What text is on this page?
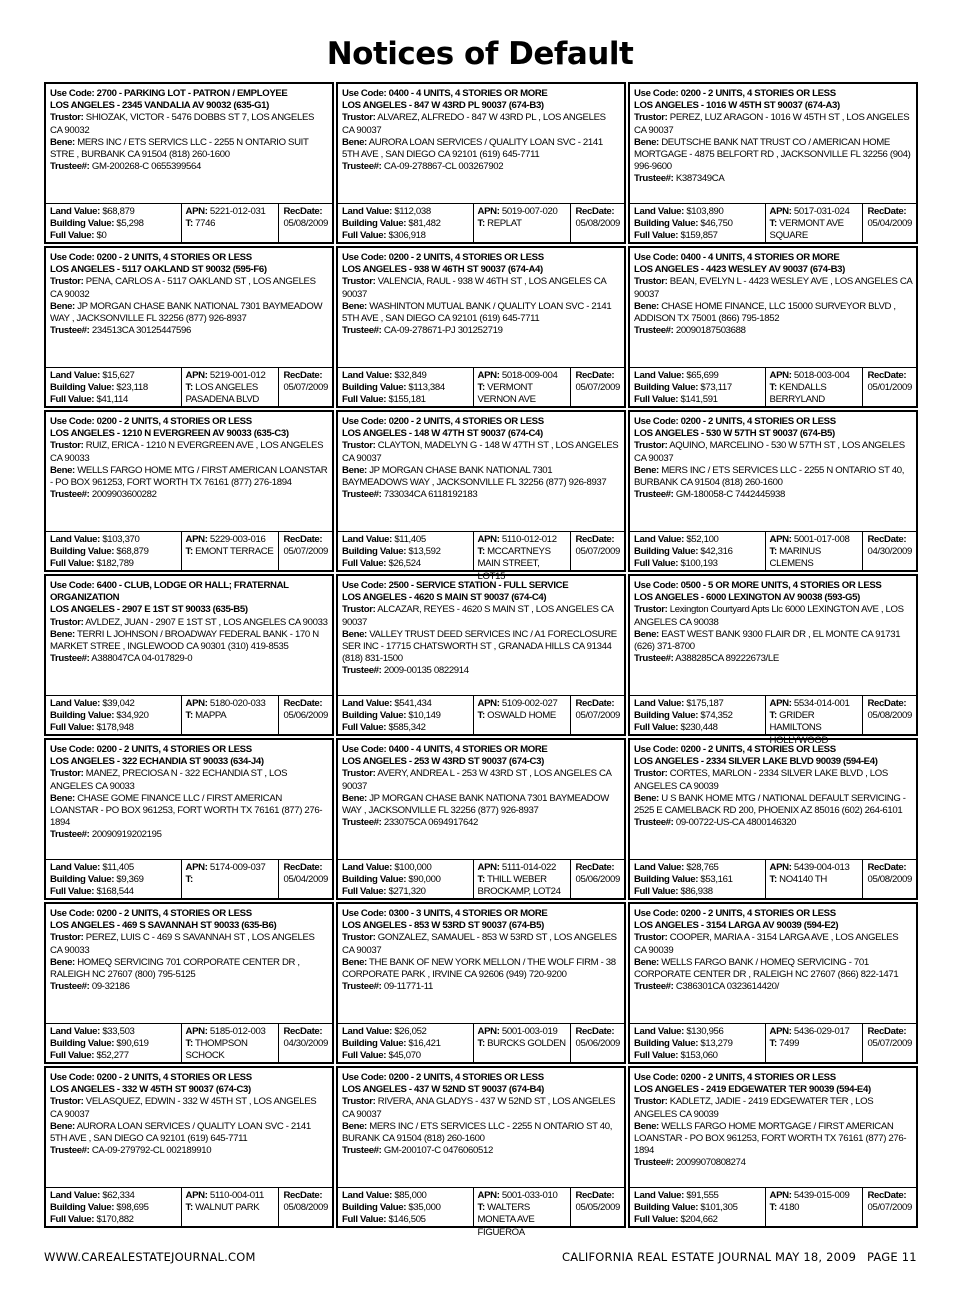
Notices of Default
Use Code: 2700 - PARKING LOT - PATRON / EMPLOYEE
LOS ANGELES - 2345 VANDALIA AV 90032 (635-G1)
Trustor: SHIOZAK, VICTOR - 5476 DOBBS ST 7, LOS ANGELES CA 90032
Bene: MERS INC / ETS SERVICS LLC - 2255 N ONTARIO SUIT STRE , BURBANK CA 91504 (818) 260-1600
Trustee#: GM-200268-C 0655399564
Land Value: $68,879
Building Value: $5,298
Full Value: $0
APN: 5221-012-031
T: 7746
RecDate:
05/08/2009
Use Code: 0400 - 4 UNITS, 4 STORIES OR MORE
LOS ANGELES - 847 W 43RD PL 90037 (674-B3)
Trustor: ALVAREZ, ALFREDO - 847 W 43RD PL , LOS ANGELES CA 90037
Bene: AURORA LOAN SERVICES / QUALITY LOAN SVC - 2141 5TH AVE , SAN DIEGO CA 92101 (619) 645-7711
Trustee#: CA-09-278867-CL 003267902
Land Value: $112,038
Building Value: $81,482
Full Value: $306,918
APN: 5019-007-020
T: REPLAT
RecDate:
05/08/2009
Use Code: 0200 - 2 UNITS, 4 STORIES OR LESS
LOS ANGELES - 1016 W 45TH ST 90037 (674-A3)
Trustor: PEREZ, LUZ ARAGON - 1016 W 45TH ST , LOS ANGELES CA 90037
Bene: DEUTSCHE BANK NAT TRUST CO / AMERICAN HOME MORTGAGE - 4875 BELFORT RD , JACKSONVILLE FL 32256 (904) 996-9600
Trustee#: K387349CA
Land Value: $103,890
Building Value: $46,750
Full Value: $159,857
APN: 5017-031-024
T: VERMONT AVE SQUARE
RecDate:
05/04/2009
Use Code: 0200 - 2 UNITS, 4 STORIES OR LESS
LOS ANGELES - 5117 OAKLAND ST 90032 (595-F6)
Trustor: PENA, CARLOS A - 5117 OAKLAND ST , LOS ANGELES CA 90032
Bene: JP MORGAN CHASE BANK NATIONAL 7301 BAYMEADOW WAY , JACKSONVILLE FL 32256 (877) 926-8937
Trustee#: 234513CA 30125447596
Land Value: $15,627
Building Value: $23,118
Full Value: $41,114
APN: 5219-001-012
T: LOS ANGELES PASADENA BLVD
RecDate:
05/07/2009
Use Code: 0200 - 2 UNITS, 4 STORIES OR LESS
LOS ANGELES - 938 W 46TH ST 90037 (674-A4)
Trustor: VALENCIA, RAUL - 938 W 46TH ST , LOS ANGELES CA 90037
Bene: WASHINTON MUTUAL BANK / QUALITY LOAN SVC - 2141 5TH AVE , SAN DIEGO CA 92101 (619) 645-7711
Trustee#: CA-09-278671-PJ 301252719
Land Value: $32,849
Building Value: $113,384
Full Value: $155,181
APN: 5018-009-004
T: VERMONT VERNON AVE
RecDate:
05/07/2009
Use Code: 0400 - 4 UNITS, 4 STORIES OR MORE
LOS ANGELES - 4423 WESLEY AV 90037 (674-B3)
Trustor: BEAN, EVELYN L - 4423 WESLEY AVE , LOS ANGELES CA 90037
Bene: CHASE HOME FINANCE, LLC 15000 SURVEYOR BLVD , ADDISON TX 75001 (866) 795-1852
Trustee#: 20090187503688
Land Value: $65,699
Building Value: $73,117
Full Value: $141,591
APN: 5018-003-004
T: KENDALLS BERRYLAND
RecDate:
05/01/2009
Use Code: 0200 - 2 UNITS, 4 STORIES OR LESS
LOS ANGELES - 1210 N EVERGREEN AV 90033 (635-C3)
Trustor: RUIZ, ERICA - 1210 N EVERGREEN AVE , LOS ANGELES CA 90033
Bene: WELLS FARGO HOME MTG / FIRST AMERICAN LOANSTAR - PO BOX 961253, FORT WORTH TX 76161 (877) 276-1894
Trustee#: 2009903600282
Land Value: $103,370
Building Value: $68,879
Full Value: $182,789
APN: 5229-003-016
T: EMONT TERRACE
RecDate:
05/07/2009
Use Code: 0200 - 2 UNITS, 4 STORIES OR LESS
LOS ANGELES - 148 W 47TH ST 90037 (674-C4)
Trustor: CLAYTON, MADELYN G - 148 W 47TH ST , LOS ANGELES CA 90037
Bene: JP MORGAN CHASE BANK NATIONAL 7301 BAYMEADOWS WAY , JACKSONVILLE FL 32256 (877) 926-8937
Trustee#: 733034CA 6118192183
Land Value: $11,405
Building Value: $13,592
Full Value: $26,524
APN: 5110-012-012
T: MCCARTNEYS MAIN STREET, LOT15
RecDate:
05/07/2009
Use Code: 0200 - 2 UNITS, 4 STORIES OR LESS
LOS ANGELES - 530 W 57TH ST 90037 (674-B5)
Trustor: AQUINO, MARCELINO - 530 W 57TH ST , LOS ANGELES CA 90037
Bene: MERS INC / ETS SERVICES LLC - 2255 N ONTARIO ST 40, BURBANK CA 91504 (818) 260-1600
Trustee#: GM-180058-C 7442445938
Land Value: $52,100
Building Value: $42,316
Full Value: $100,193
APN: 5001-017-008
T: MARINUS CLEMENS
RecDate:
04/30/2009
Use Code: 6400 - CLUB, LODGE OR HALL; FRATERNAL ORGANIZATION
LOS ANGELES - 2907 E 1ST ST 90033 (635-B5)
Trustor: AVLDEZ, JUAN - 2907 E 1ST ST , LOS ANGELES CA 90033
Bene: TERRI L JOHNSON / BROADWAY FEDERAL BANK - 170 N MARKET STREE , INGLEWOOD CA 90301 (310) 419-8535
Trustee#: A388047CA 04-017829-0
Land Value: $39,042
Building Value: $34,920
Full Value: $178,948
APN: 5180-020-033
T: MAPPA
RecDate:
05/06/2009
Use Code: 2500 - SERVICE STATION - FULL SERVICE
LOS ANGELES - 4620 S MAIN ST 90037 (674-C4)
Trustor: ALCAZAR, REYES - 4620 S MAIN ST , LOS ANGELES CA 90037
Bene: VALLEY TRUST DEED SERVICES INC / A1 FORECLOSURE SER INC - 17715 CHATSWORTH ST , GRANADA HILLS CA 91344 (818) 831-1500
Trustee#: 2009-00135 0822914
Land Value: $541,434
Building Value: $10,149
Full Value: $585,342
APN: 5109-002-027
T: OSWALD HOME
RecDate:
05/07/2009
Use Code: 0500 - 5 OR MORE UNITS, 4 STORIES OR LESS
LOS ANGELES - 6000 LEXINGTON AV 90038 (593-G5)
Trustor: Lexington Courtyard Apts Llc 6000 LEXINGTON AVE , LOS ANGELES CA 90038
Bene: EAST WEST BANK 9300 FLAIR DR , EL MONTE CA 91731 (626) 371-8700
Trustee#: A388285CA 89222673/LE
Land Value: $175,187
Building Value: $74,352
Full Value: $230,448
APN: 5534-014-001
T: GRIDER HAMILTONS HOLLYWOOD
RecDate:
05/08/2009
Use Code: 0200 - 2 UNITS, 4 STORIES OR LESS
LOS ANGELES - 322 ECHANDIA ST 90033 (634-J4)
Trustor: MANEZ, PRECIOSA N - 322 ECHANDIA ST , LOS ANGELES CA 90033
Bene: CHASE GOME FINANCE LLC / FIRST AMERICAN LOANSTAR - PO BOX 961253, FORT WORTH TX 76161 (877) 276-1894
Trustee#: 20090919202195
Land Value: $11,405
Building Value: $9,369
Full Value: $168,544
APN: 5174-009-037
T:
RecDate:
05/04/2009
Use Code: 0400 - 4 UNITS, 4 STORIES OR MORE
LOS ANGELES - 253 W 43RD ST 90037 (674-C3)
Trustor: AVERY, ANDREA L - 253 W 43RD ST , LOS ANGELES CA 90037
Bene: JP MORGAN CHASE BANK NATIONA 7301 BAYMEADOW WAY , JACKSONVILLE FL 32256 (877) 926-8937
Trustee#: 233075CA 0694917642
Land Value: $100,000
Building Value: $90,000
Full Value: $271,320
APN: 5111-014-022
T: THILL WEBER BROCKAMP, LOT24
RecDate:
05/06/2009
Use Code: 0200 - 2 UNITS, 4 STORIES OR LESS
LOS ANGELES - 2334 SILVER LAKE BLVD 90039 (594-E4)
Trustor: CORTES, MARLON - 2334 SILVER LAKE BLVD , LOS ANGELES CA 90039
Bene: U S BANK HOME MTG / NATIONAL DEFAULT SERVICING - 2525 E CAMELBACK RD 200, PHOENIX AZ 85016 (602) 264-6101
Trustee#: 09-00722-US-CA 4800146320
Land Value: $28,765
Building Value: $53,161
Full Value: $86,938
APN: 5439-004-013
T: NO4140 TH
RecDate:
05/08/2009
Use Code: 0200 - 2 UNITS, 4 STORIES OR LESS
LOS ANGELES - 469 S SAVANNAH ST 90033 (635-B6)
Trustor: PEREZ, LUIS C - 469 S SAVANNAH ST , LOS ANGELES CA 90033
Bene: HOMEQ SERVICING 701 CORPORATE CENTER DR , RALEIGH NC 27607 (800) 795-5125
Trustee#: 09-32186
Land Value: $33,503
Building Value: $90,619
Full Value: $52,277
APN: 5185-012-003
T: THOMPSON SCHOCK
RecDate:
04/30/2009
Use Code: 0300 - 3 UNITS, 4 STORIES OR MORE
LOS ANGELES - 853 W 53RD ST 90037 (674-B5)
Trustor: GONZALEZ, SAMAUEL - 853 W 53RD ST , LOS ANGELES CA 90037
Bene: THE BANK OF NEW YORK MELLON / THE WOLF FIRM - 38 CORPORATE PARK , IRVINE CA 92606 (949) 720-9200
Trustee#: 09-11771-11
Land Value: $26,052
Building Value: $16,421
Full Value: $45,070
APN: 5001-003-019
T: BURCKS GOLDEN
RecDate:
05/06/2009
Use Code: 0200 - 2 UNITS, 4 STORIES OR LESS
LOS ANGELES - 3154 LARGA AV 90039 (594-E2)
Trustor: COOPER, MARIA A - 3154 LARGA AVE , LOS ANGELES CA 90039
Bene: WELLS FARGO BANK / HOMEQ SERVICING - 701 CORPORATE CENTER DR , RALEIGH NC 27607 (866) 822-1471
Trustee#: C386301CA 0323614420/
Land Value: $130,956
Building Value: $13,279
Full Value: $153,060
APN: 5436-029-017
T: 7499
RecDate:
05/07/2009
Use Code: 0200 - 2 UNITS, 4 STORIES OR LESS
LOS ANGELES - 332 W 45TH ST 90037 (674-C3)
Trustor: VELASQUEZ, EDWIN - 332 W 45TH ST , LOS ANGELES CA 90037
Bene: AURORA LOAN SERVICES / QUALITY LOAN SVC - 2141 5TH AVE , SAN DIEGO CA 92101 (619) 645-7711
Trustee#: CA-09-279792-CL 002189910
Land Value: $62,334
Building Value: $98,695
Full Value: $170,882
APN: 5110-004-011
T: WALNUT PARK
RecDate:
05/08/2009
Use Code: 0200 - 2 UNITS, 4 STORIES OR LESS
LOS ANGELES - 437 W 52ND ST 90037 (674-B4)
Trustor: RIVERA, ANA GLADYS - 437 W 52ND ST , LOS ANGELES CA 90037
Bene: MERS INC / ETS SERVICES LLC - 2255 N ONTARIO ST 40, BURANK CA 91504 (818) 260-1600
Trustee#: GM-200107-C 0476060512
Land Value: $85,000
Building Value: $35,000
Full Value: $146,505
APN: 5001-033-010
T: WALTERS MONETA AVE FIGUEROA
RecDate:
05/05/2009
Use Code: 0200 - 2 UNITS, 4 STORIES OR LESS
LOS ANGELES - 2419 EDGEWATER TER 90039 (594-E4)
Trustor: KADLETZ, JADIE - 2419 EDGEWATER TER , LOS ANGELES CA 90039
Bene: WELLS FARGO HOME MORTGAGE / FIRST AMERICAN LOANSTAR - PO BOX 961253, FORT WORTH TX 76161 (877) 276-1894
Trustee#: 20099070808274
Land Value: $91,555
Building Value: $101,305
Full Value: $204,662
APN: 5439-015-009
T: 4180
RecDate:
05/07/2009
WWW.CAREALESTATEJOURNAL.COM	CALIFORNIA REAL ESTATE JOURNAL MAY 18, 2009 PAGE 11
